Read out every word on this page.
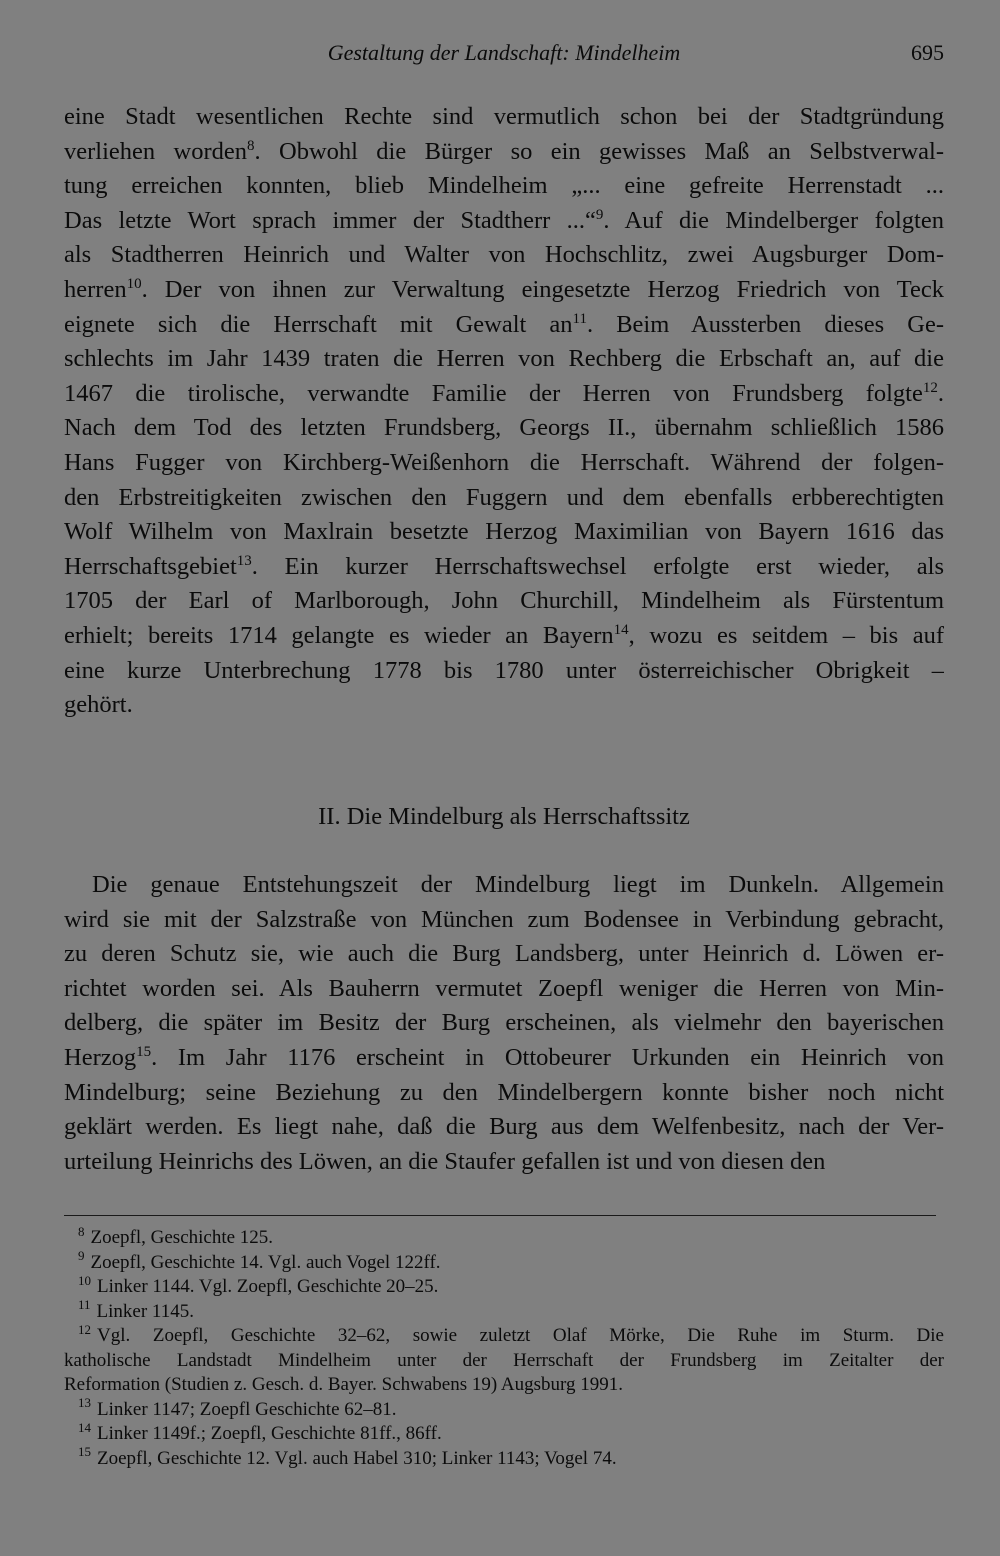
Gestaltung der Landschaft: Mindelheim	695
eine Stadt wesentlichen Rechte sind vermutlich schon bei der Stadtgründung
verliehen worden$^8$. Obwohl die Bürger so ein gewisses Maß an Selbstverwal-
tung erreichen konnten, blieb Mindelheim „... eine gefreite Herrenstadt ...
Das letzte Wort sprach immer der Stadtherr ...“$^9$. Auf die Mindelberger folgten
als Stadtherren Heinrich und Walter von Hochschlitz, zwei Augsburger Dom-
herren$^{10}$. Der von ihnen zur Verwaltung eingesetzte Herzog Friedrich von Teck
eignete sich die Herrschaft mit Gewalt an$^{11}$. Beim Aussterben dieses Ge-
schlechts im Jahr 1439 traten die Herren von Rechberg die Erbschaft an, auf die
1467 die tirolische, verwandte Familie der Herren von Frundsberg folgte$^{12}$.
Nach dem Tod des letzten Frundsberg, Georgs II., übernahm schließlich 1586
Hans Fugger von Kirchberg-Weißenhorn die Herrschaft. Während der folgen-
den Erbstreitigkeiten zwischen den Fuggern und dem ebenfalls erbberechtigten
Wolf Wilhelm von Maxlrain besetzte Herzog Maximilian von Bayern 1616 das
Herrschaftsgebiet$^{13}$. Ein kurzer Herrschaftswechsel erfolgte erst wieder, als
1705 der Earl of Marlborough, John Churchill, Mindelheim als Fürstentum
erhielt; bereits 1714 gelangte es wieder an Bayern$^{14}$, wozu es seitdem – bis auf
eine kurze Unterbrechung 1778 bis 1780 unter österreichischer Obrigkeit –
gehört.
II. Die Mindelburg als Herrschaftssitz
Die genaue Entstehungszeit der Mindelburg liegt im Dunkeln. Allgemein
wird sie mit der Salzstraße von München zum Bodensee in Verbindung gebracht,
zu deren Schutz sie, wie auch die Burg Landsberg, unter Heinrich d. Löwen er-
richtet worden sei. Als Bauherrn vermutet Zoepfl weniger die Herren von Min-
delberg, die später im Besitz der Burg erscheinen, als vielmehr den bayerischen
Herzog$^{15}$. Im Jahr 1176 erscheint in Ottobeurer Urkunden ein Heinrich von
Mindelburg; seine Beziehung zu den Mindelbergern konnte bisher noch nicht
geklärt werden. Es liegt nahe, daß die Burg aus dem Welfenbesitz, nach der Ver-
urteilung Heinrichs des Löwen, an die Staufer gefallen ist und von diesen den
$^8$ Zoepfl, Geschichte 125.
$^9$ Zoepfl, Geschichte 14. Vgl. auch Vogel 122ff.
$^{10}$ Linker 1144. Vgl. Zoepfl, Geschichte 20–25.
$^{11}$ Linker 1145.
$^{12}$ Vgl. Zoepfl, Geschichte 32–62, sowie zuletzt Olaf Mörke, Die Ruhe im Sturm. Die
katholische Landstadt Mindelheim unter der Herrschaft der Frundsberg im Zeitalter der
Reformation (Studien z. Gesch. d. Bayer. Schwabens 19) Augsburg 1991.
$^{13}$ Linker 1147; Zoepfl Geschichte 62–81.
$^{14}$ Linker 1149f.; Zoepfl, Geschichte 81ff., 86ff.
$^{15}$ Zoepfl, Geschichte 12. Vgl. auch Habel 310; Linker 1143; Vogel 74.
